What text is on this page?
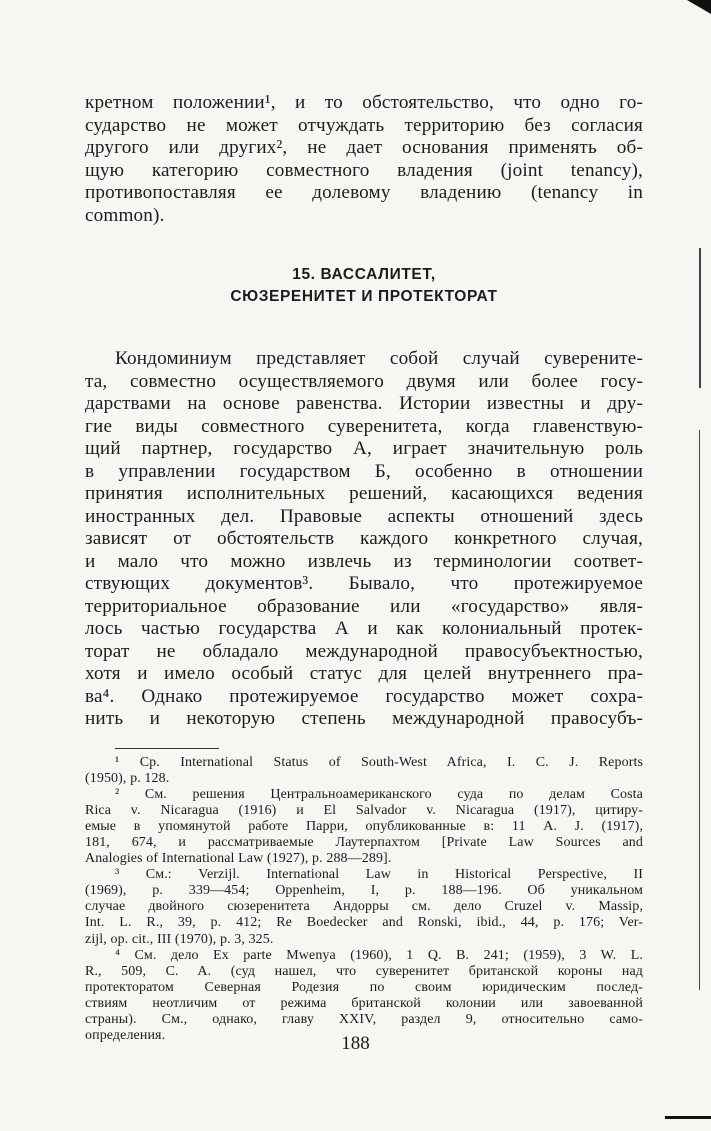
кретном положении¹, и то обстоятельство, что одно го-
сударство не может отчуждать территорию без согласия
другого или других², не дает основания применять об-
щую категорию совместного владения (joint tenancy),
противопоставляя ее долевому владению (tenancy in
common).
15. ВАССАЛИТЕТ,
СЮЗЕРЕНИТЕТ И ПРОТЕКТОРАТ
Кондоминиум представляет собой случай суверените-
та, совместно осуществляемого двумя или более госу-
дарствами на основе равенства. Истории известны и дру-
гие виды совместного суверенитета, когда главенствую-
щий партнер, государство А, играет значительную роль
в управлении государством Б, особенно в отношении
принятия исполнительных решений, касающихся ведения
иностранных дел. Правовые аспекты отношений здесь
зависят от обстоятельств каждого конкретного случая,
и мало что можно извлечь из терминологии соответ-
ствующих документов³. Бывало, что протежируемое
территориальное образование или «государство» явля-
лось частью государства А и как колониальный протек-
торат не обладало международной правосубъектностью,
хотя и имело особый статус для целей внутреннего пра-
ва⁴. Однако протежируемое государство может сохра-
нить и некоторую степень международной правосубъ-
¹ Ср. International Status of South-West Africa, I. C. J. Reports
(1950), p. 128.
² См. решения Центральноамериканского суда по делам Costa
Rica v. Nicaragua (1916) и El Salvador v. Nicaragua (1917), цитиру-
емые в упомянутой работе Парри, опубликованные в: 11 A. J. (1917),
181, 674, и рассматриваемые Лаутерпахтом [Private Law Sources and
Analogies of International Law (1927), p. 288—289].
³ См.: Verzijl. International Law in Historical Perspective, II
(1969), p. 339—454; Oppenheim, I, p. 188—196. Об уникальном
случае двойного сюзеренитета Андорры см. дело Cruzel v. Massip,
Int. L. R., 39, p. 412; Re Boedecker and Ronski, ibid., 44, p. 176; Ver-
zijl, op. cit., III (1970), p. 3, 325.
⁴ См. дело Ex parte Mwenya (1960), 1 Q. B. 241; (1959), 3 W. L.
R., 509, C. A. (суд нашел, что суверенитет британской короны над
протекторатом Северная Родезия по своим юридическим послед-
ствиям неотличим от режима британской колонии или завоеванной
страны). См., однако, главу XXIV, раздел 9, относительно само-
определения.	188
